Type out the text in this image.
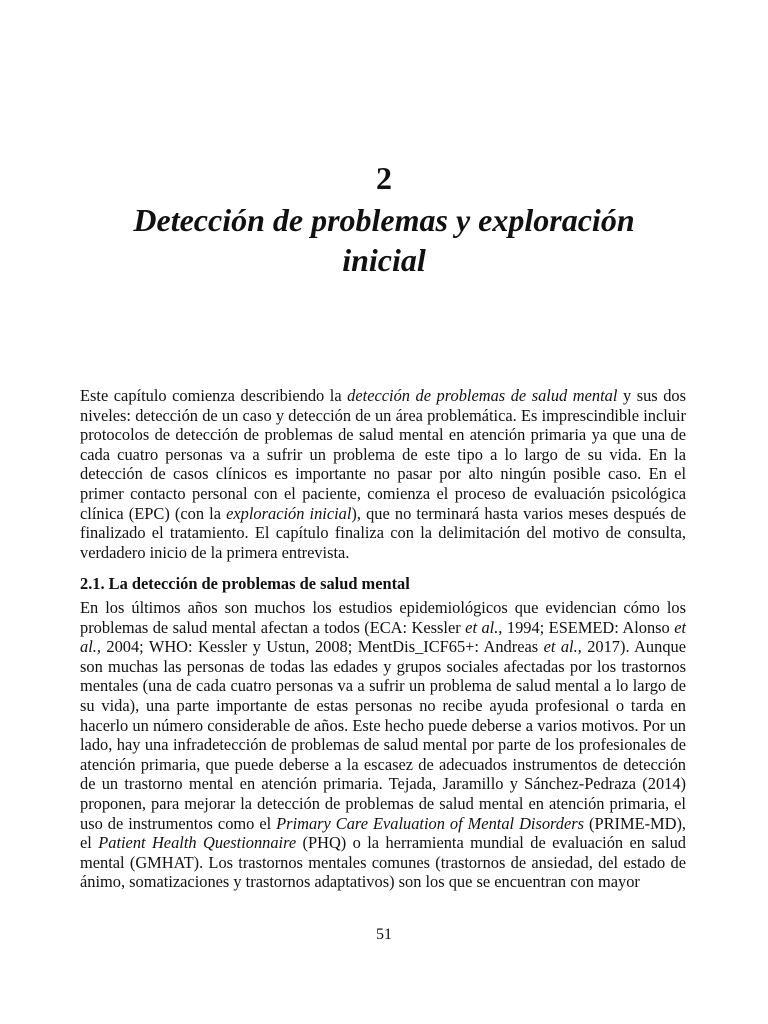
2
Detección de problemas y exploración inicial
Este capítulo comienza describiendo la detección de problemas de salud mental y sus dos niveles: detección de un caso y detección de un área problemática. Es imprescindible incluir protocolos de detección de problemas de salud mental en atención primaria ya que una de cada cuatro personas va a sufrir un problema de este tipo a lo largo de su vida. En la detección de casos clínicos es importante no pasar por alto ningún posible caso. En el primer contacto personal con el paciente, comienza el proceso de evaluación psicológica clínica (EPC) (con la exploración inicial), que no terminará hasta varios meses después de finalizado el tratamiento. El capítulo finaliza con la delimitación del motivo de consulta, verdadero inicio de la primera entrevista.
2.1. La detección de problemas de salud mental
En los últimos años son muchos los estudios epidemiológicos que evidencian cómo los problemas de salud mental afectan a todos (ECA: Kessler et al., 1994; ESEMED: Alonso et al., 2004; WHO: Kessler y Ustun, 2008; MentDis_ICF65+: Andreas et al., 2017). Aunque son muchas las personas de todas las edades y grupos sociales afectadas por los trastornos mentales (una de cada cuatro personas va a sufrir un problema de salud mental a lo largo de su vida), una parte importante de estas personas no recibe ayuda profesional o tarda en hacerlo un número considerable de años. Este hecho puede deberse a varios motivos. Por un lado, hay una infradetección de problemas de salud mental por parte de los profesionales de atención primaria, que puede deberse a la escasez de adecuados instrumentos de detección de un trastorno mental en atención primaria. Tejada, Jaramillo y Sánchez-Pedraza (2014) proponen, para mejorar la detección de problemas de salud mental en atención primaria, el uso de instrumentos como el Primary Care Evaluation of Mental Disorders (PRIME-MD), el Patient Health Questionnaire (PHQ) o la herramienta mundial de evaluación en salud mental (GMHAT). Los trastornos mentales comunes (trastornos de ansiedad, del estado de ánimo, somatizaciones y trastornos adaptativos) son los que se encuentran con mayor
51
